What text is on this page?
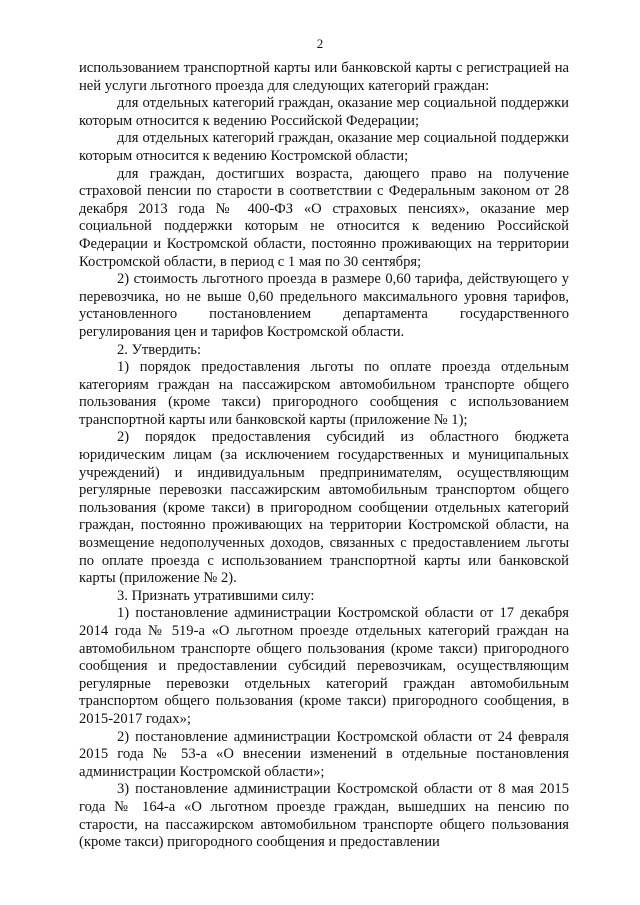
2

использованием транспортной карты или банковской карты с регистрацией на ней услуги льготного проезда для следующих категорий граждан:

для отдельных категорий граждан, оказание мер социальной поддержки которым относится к ведению Российской Федерации;

для отдельных категорий граждан, оказание мер социальной поддержки которым относится к ведению Костромской области;

для граждан, достигших возраста, дающего право на получение страховой пенсии по старости в соответствии с Федеральным законом от 28 декабря 2013 года № 400-ФЗ «О страховых пенсиях», оказание мер социальной поддержки которым не относится к ведению Российской Федерации и Костромской области, постоянно проживающих на территории Костромской области, в период с 1 мая по 30 сентября;

2) стоимость льготного проезда в размере 0,60 тарифа, действующего у перевозчика, но не выше 0,60 предельного максимального уровня тарифов, установленного постановлением департамента государственного регулирования цен и тарифов Костромской области.

2. Утвердить:

1) порядок предоставления льготы по оплате проезда отдельным категориям граждан на пассажирском автомобильном транспорте общего пользования (кроме такси) пригородного сообщения с использованием транспортной карты или банковской карты (приложение № 1);

2) порядок предоставления субсидий из областного бюджета юридическим лицам (за исключением государственных и муниципальных учреждений) и индивидуальным предпринимателям, осуществляющим регулярные перевозки пассажирским автомобильным транспортом общего пользования (кроме такси) в пригородном сообщении отдельных категорий граждан, постоянно проживающих на территории Костромской области, на возмещение недополученных доходов, связанных с предоставлением льготы по оплате проезда с использованием транспортной карты или банковской карты (приложение № 2).

3. Признать утратившими силу:

1) постановление администрации Костромской области от 17 декабря 2014 года № 519-а «О льготном проезде отдельных категорий граждан на автомобильном транспорте общего пользования (кроме такси) пригородного сообщения и предоставлении субсидий перевозчикам, осуществляющим регулярные перевозки отдельных категорий граждан автомобильным транспортом общего пользования (кроме такси) пригородного сообщения, в 2015-2017 годах»;

2) постановление администрации Костромской области от 24 февраля 2015 года № 53-а «О внесении изменений в отдельные постановления администрации Костромской области»;

3) постановление администрации Костромской области от 8 мая 2015 года № 164-а «О льготном проезде граждан, вышедших на пенсию по старости, на пассажирском автомобильном транспорте общего пользования (кроме такси) пригородного сообщения и предоставлении
